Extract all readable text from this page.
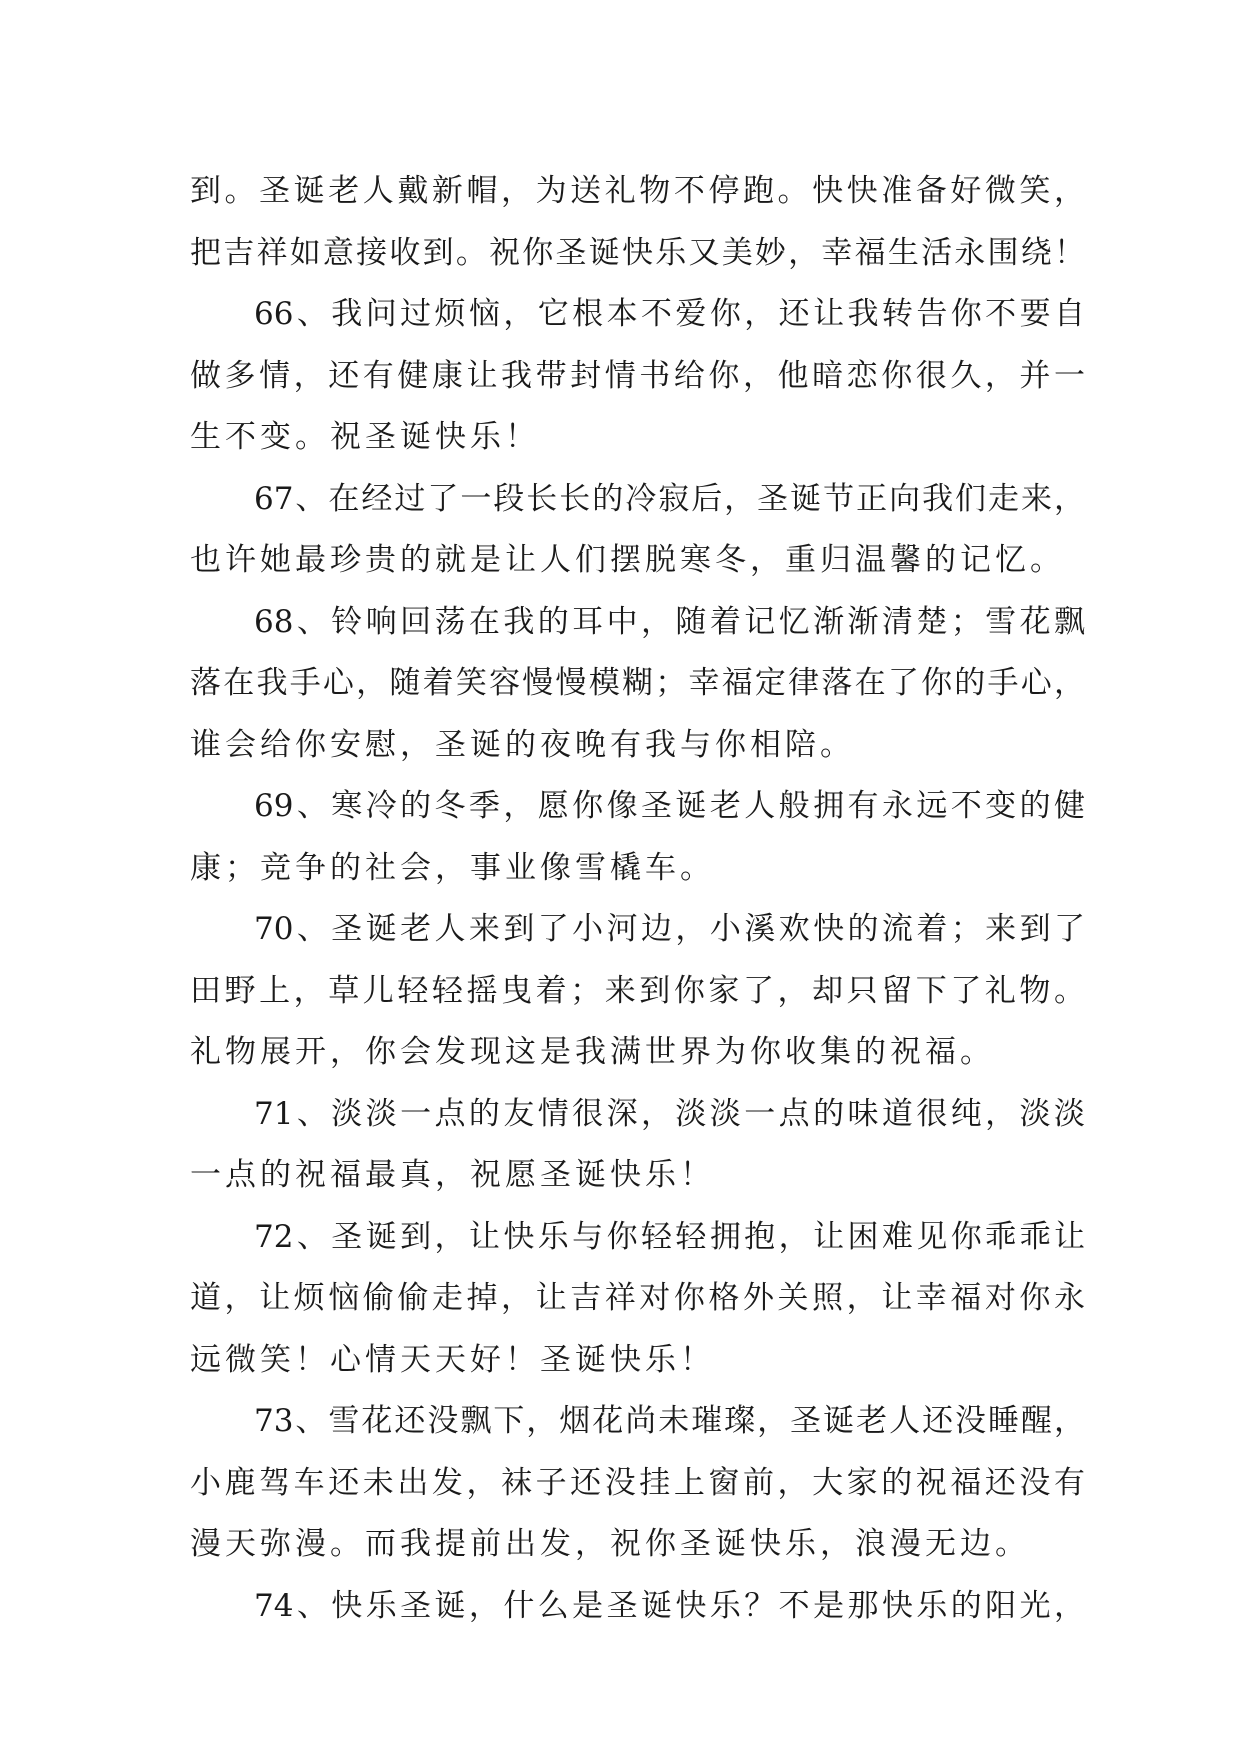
到。圣诞老人戴新帽，为送礼物不停跑。快快准备好微笑，
把吉祥如意接收到。祝你圣诞快乐又美妙，幸福生活永围绕！
66、我问过烦恼，它根本不爱你，还让我转告你不要自
做多情，还有健康让我带封情书给你，他暗恋你很久，并一
生不变。祝圣诞快乐！
67、在经过了一段长长的冷寂后，圣诞节正向我们走来，
也许她最珍贵的就是让人们摆脱寒冬，重归温馨的记忆。
68、铃响回荡在我的耳中，随着记忆渐渐清楚；雪花飘
落在我手心，随着笑容慢慢模糊；幸福定律落在了你的手心，
谁会给你安慰，圣诞的夜晚有我与你相陪。
69、寒冷的冬季，愿你像圣诞老人般拥有永远不变的健
康；竞争的社会，事业像雪橇车。
70、圣诞老人来到了小河边，小溪欢快的流着；来到了
田野上，草儿轻轻摇曳着；来到你家了，却只留下了礼物。
礼物展开，你会发现这是我满世界为你收集的祝福。
71、淡淡一点的友情很深，淡淡一点的味道很纯，淡淡
一点的祝福最真，祝愿圣诞快乐！
72、圣诞到，让快乐与你轻轻拥抱，让困难见你乖乖让
道，让烦恼偷偷走掉，让吉祥对你格外关照，让幸福对你永
远微笑！心情天天好！圣诞快乐！
73、雪花还没飘下，烟花尚未璀璨，圣诞老人还没睡醒，
小鹿驾车还未出发，袜子还没挂上窗前，大家的祝福还没有
漫天弥漫。而我提前出发，祝你圣诞快乐，浪漫无边。
74、快乐圣诞，什么是圣诞快乐？不是那快乐的阳光，
